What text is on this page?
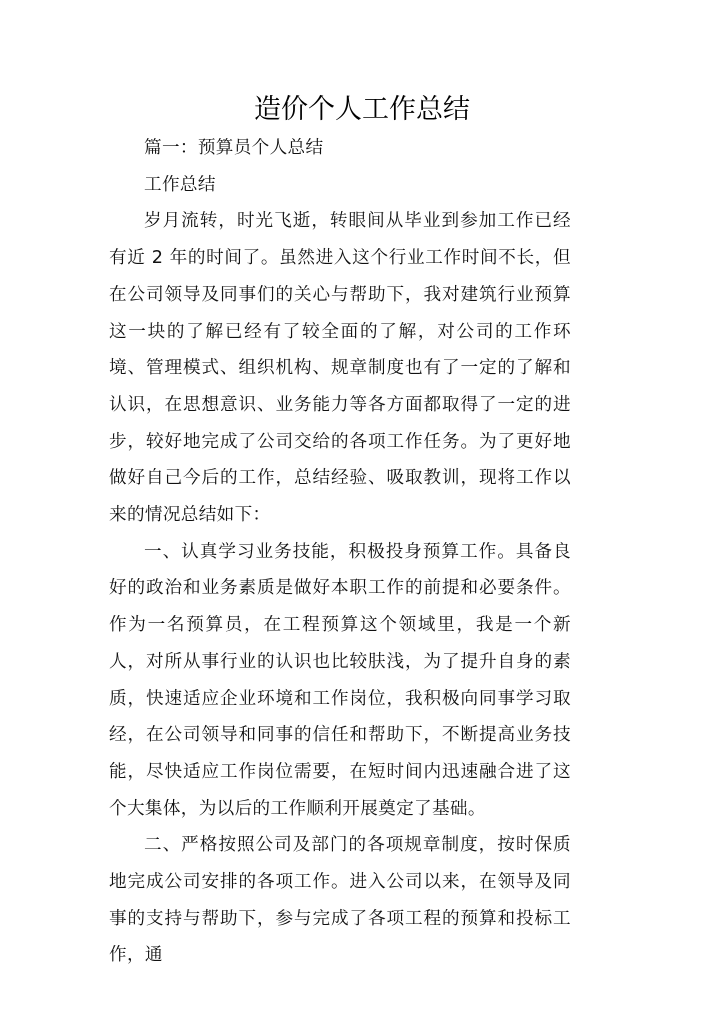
造价个人工作总结

篇一：预算员个人总结

工作总结

岁月流转，时光飞逝，转眼间从毕业到参加工作已经有近 2 年的时间了。虽然进入这个行业工作时间不长，但在公司领导及同事们的关心与帮助下，我对建筑行业预算这一块的了解已经有了较全面的了解，对公司的工作环境、管理模式、组织机构、规章制度也有了一定的了解和认识，在思想意识、业务能力等各方面都取得了一定的进步，较好地完成了公司交给的各项工作任务。为了更好地做好自己今后的工作，总结经验、吸取教训，现将工作以来的情况总结如下：

一、认真学习业务技能，积极投身预算工作。具备良好的政治和业务素质是做好本职工作的前提和必要条件。作为一名预算员，在工程预算这个领域里，我是一个新人，对所从事行业的认识也比较肤浅，为了提升自身的素质，快速适应企业环境和工作岗位，我积极向同事学习取经，在公司领导和同事的信任和帮助下，不断提高业务技能，尽快适应工作岗位需要，在短时间内迅速融合进了这个大集体，为以后的工作顺利开展奠定了基础。

二、严格按照公司及部门的各项规章制度，按时保质地完成公司安排的各项工作。进入公司以来，在领导及同事的支持与帮助下，参与完成了各项工程的预算和投标工作，通
